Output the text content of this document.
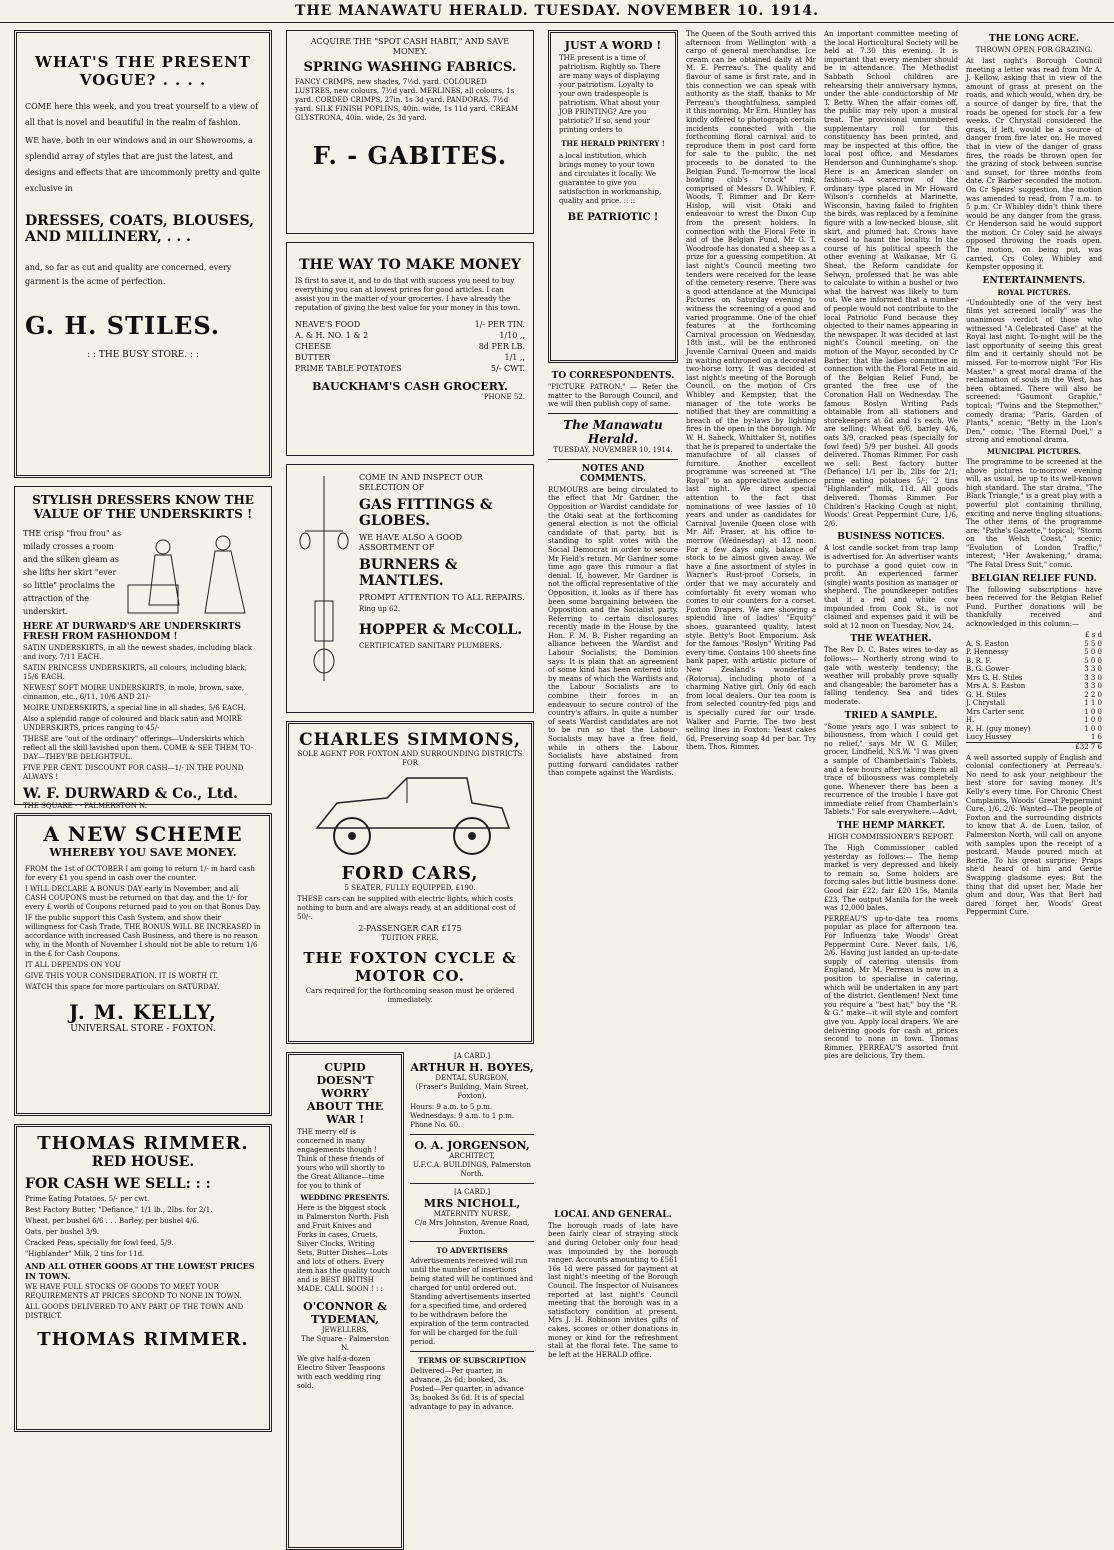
THE MANAWATU HERALD. TUESDAY. NOVEMBER 10. 1914.
WHAT'S THE PRESENT VOGUE? . . . .

COME here this week, and you treat yourself to a view of all that is novel and beautiful in the realm of fashion.

WE have, both in our windows and in our Showrooms, a splendid array of styles that are just the latest, and designs and effects that are uncommonly pretty and quite exclusive in

DRESSES, COATS, BLOUSES, AND MILLINERY, . . .

and, so far as cut and quality are concerned, every garment is the acme of perfection.

G. H. STILES.
: : THE BUSY STORE. : :
STYLISH DRESSERS KNOW THE VALUE OF THE UNDERSKIRTS !

THE crisp "frou frou" as milady crosses a room and the silken gleam as she lifts her skirt "ever so little" proclaims the attraction of the underskirt.

HERE AT DURWARD'S ARE UNDERSKIRTS FRESH FROM FASHIONDOM !

SATIN UNDERSKIRTS, in all the newest shades, including black and ivory, 7/11 EACH.

SATIN PRINCESS UNDERSKIRTS, all colours, including black, 15/6 EACH.

NEWEST SOFT MOIRE UNDERSKIRTS, in mole, brown, saxe, cinnamon, etc., 6/11, 10/6 AND 21/-

MOIRE UNDERSKIRTS, a special line in all shades, 5/6 EACH.

Also a splendid range of coloured and black satin and MOIRE UNDERSKIRTS, prices ranging to 45/-

THESE are "out of the ordinary" offerings—Underskirts which reflect all the skill lavished upon them. COME & SEE THEM TO-DAY—THEY'RE DELIGHTFUL.

FIVE PER CENT. DISCOUNT FOR CASH—1/- IN THE POUND ALWAYS !

W. F. DURWARD & Co., Ltd.
THE SQUARE - - PALMERSTON N.
A NEW SCHEME
WHEREBY YOU SAVE MONEY.

FROM the 1st of OCTOBER I am going to return 1/- in hard cash for every £1 you spend in cash over the counter.

I WILL DECLARE A BONUS DAY early in November, and all CASH COUPONS must be returned on that day, and the 1/- for every £ worth of Coupons returned paid to you on that Bonus Day.

IF the public support this Cash System, and show their willingness for Cash Trade, THE BONUS WILL BE INCREASED in accordance with increased Cash Business, and there is no reason why, in the Month of November I should not be able to return 1/6 in the £ for Cash Coupons.

IT ALL DEPENDS ON YOU

GIVE THIS YOUR CONSIDERATION. IT IS WORTH IT.

WATCH this space for more particulars on SATURDAY.

J. M. KELLY,
UNIVERSAL STORE - FOXTON.
THOMAS RIMMER.
RED HOUSE.
FOR CASH WE SELL: : :

Prime Eating Potatoes, 5/- per cwt.

Best Factory Butter, "Defiance," 1/1 lb., 2lbs. for 2/1.

Wheat, per bushel 6/6 . . . Barley, per bushel 4/6.

Oats, per bushel 3/9.

Cracked Peas, specially for fowl feed, 5/9.

"Highlander" Milk, 2 tins for 11d.

AND ALL OTHER GOODS AT THE LOWEST PRICES IN TOWN.

WE HAVE FULL STOCKS OF GOODS TO MEET YOUR REQUIREMENTS AT PRICES SECOND TO NONE IN TOWN.

ALL GOODS DELIVERED TO ANY PART OF THE TOWN AND DISTRICT.

THOMAS RIMMER.
ACQUIRE THE "SPOT CASH HABIT," AND SAVE MONEY.
SPRING WASHING FABRICS.

FANCY CRIMPS, new shades, 7½d. yard. COLOURED LUSTRES, new colours, 7½d yard. MERLINES, all colours, 1s yard. CORDED CRIMPS, 27in. 1s 3d yard. PANDORAS, 7½d yard. SILK FINISH POPLINS, 40in. wide, 1s 11d yard. CREAM GLYSTRONA, 40in. wide, 2s 3d yard.

F. - GABITES.
THE WAY TO MAKE MONEY

IS first to save it, and to do that with success you need to buy everything you can at lowest prices for good articles. I can assist you in the matter of your groceries. I have already the reputation of giving the best value for your money in this town.

NEAVE'S FOOD	1/- PER TIN.
A. & H. NO. 1 & 2	1/10 ,,
CHEESE	8d PER LB.
BUTTER	1/1 ,,
PRIME TABLE POTATOES	5/- CWT.
BAUCKHAM'S CASH GROCERY.
'PHONE 52.

COME IN AND INSPECT OUR SELECTION OF

GAS FITTINGS & GLOBES.

WE HAVE ALSO A GOOD ASSORTMENT OF

BURNERS & MANTLES.

PROMPT ATTENTION TO ALL REPAIRS.

Ring up 62.

HOPPER & McCOLL.

CERTIFICATED SANITARY PLUMBERS.

CHARLES SIMMONS,
SOLE AGENT FOR FOXTON AND SURROUNDING DISTRICTS FOR
FORD CARS,
5 SEATER, FULLY EQUIPPED, £190.

THESE cars can be supplied with electric lights, which costs nothing to burn and are always ready, at an additional cost of 50/-.

2-PASSENGER CAR £175
TUITION FREE.
THE FOXTON CYCLE & MOTOR CO.

Cars required for the forthcoming season must be ordered immediately.

CUPID DOESN'T WORRY ABOUT THE WAR !

THE merry elf is concerned in many engagements though ! Think of these friends of yours who will shortly to the Great Alliance—time for you to think of

WEDDING PRESENTS.

Here is the biggest stock in Palmerston North. Fish and Fruit Knives and Forks in cases, Cruets, Silver Clocks, Writing Sets, Butter Dishes—Lots and lots of others. Every item has the quality touch and is BEST BRITISH MADE. CALL SOON ! : :

O'CONNOR & TYDEMAN,
JEWELLERS,
The Square - Palmerston N.

We give half-a-dozen Electro Silver Teaspoons with each wedding ring sold.

[A CARD.]
ARTHUR H. BOYES,
DENTAL SURGEON,
(Fraser's Building, Main Street, Foxton).

Hours: 9 a.m. to 5 p.m. Wednesdays: 9 a.m. to 1 p.m. Phone No. 60.

O. A. JORGENSON,
ARCHITECT,
U.F.C.A. BUILDINGS, Palmerston North.
[A CARD.]
MRS NICHOLL,
MATERNITY NURSE,
C/o Mrs Johnston, Avenue Road, Foxton.
TO ADVERTISERS

Advertisements received will run until the number of insertions being stated will be continued and charged for until ordered out. Standing advertisements inserted for a specified time, and ordered to be withdrawn before the expiration of the term contracted for will be charged for the full period.

TERMS OF SUBSCRIPTION

Delivered—Per quarter, in advance, 2s 6d; booked, 3s. Posted—Per quarter, in advance 3s; booked 3s 6d. It is of special advantage to pay in advance.

JUST A WORD !

THE present is a time of patriotism. Rightly so. There are many ways of displaying your patriotism. Loyalty to your own tradespeople is patriotism. What about your JOB PRINTING? Are you patriotic? If so, send your printing orders to

THE HERALD PRINTERY !

a local institution, which brings money to your town and circulates it locally. We guarantee to give you satisfaction in workmanship, quality and price. :: ::

BE PATRIOTIC !
TO CORRESPONDENTS.

"PICTURE PATRON." — Refer the matter to the Borough Council, and we will then publish copy of same.

The Manawatu Herald.
TUESDAY, NOVEMBER 10, 1914.
NOTES AND COMMENTS.

RUMOURS are being circulated to the effect that Mr Gardner, the Opposition or Wardist candidate for the Otaki seat at the forthcoming general election is not the official candidate of that party, but is standing to split votes with the Social Democrat in order to secure Mr Field's return. Mr Gardner some time ago gave this rumour a flat denial. If, however, Mr Gardner is not the official representative of the Opposition, it looks as if there has been some bargaining between the Opposition and the Socialist party. Referring to certain disclosures recently made in the House by the Hon. F. M. B. Fisher regarding an alliance between the Wardist and Labour Socialists, the Dominion says: It is plain that an agreement of some kind has been entered into by means of which the Wardists and the Labour Socialists are to combine their forces in an endeavour to secure control of the country's affairs. In quite a number of seats Wardist candidates are not to be run so that the Labour-Socialists may have a free field, while in others the Labour Socialists have abstained from putting forward candidates rather than compete against the Wardists.

LOCAL AND GENERAL.

The borough roads of late have been fairly clear of straying stock and during October only four head was impounded by the borough ranger. Accounts amounting to £561 16s 1d were passed for payment at last night's meeting of the Borough Council. The Inspector of Nuisances reported at last night's Council meeting that the borough was in a satisfactory condition at present. Mrs J. H. Robinson invites gifts of cakes, scones or other donations in money or kind for the refreshment stall at the floral fete. The same to be left at the HERALD office.

The Queen of the South arrived this afternoon from Wellington with a cargo of general merchandise. Ice cream can be obtained daily at Mr M. E. Perreau's. The quality and flavour of same is first rate, and in this connection we can speak with authority as the staff, thanks to Mr Perreau's thoughtfulness, sampled it this morning. Mr Ern. Huntley has kindly offered to photograph certain incidents connected with the forthcoming floral carnival and to reproduce them in post card form for sale to the public, the net proceeds to be donated to the Belgian Fund. To-morrow the local bowling club's "crack" rink, comprised of Messrs D. Whibley, F. Woods, T. Rimmer and Dr Kerr-Hislop, will visit Otaki and endeavour to wrest the Dixon Cup from the present holders. In connection with the Floral Fete in aid of the Belgian Fund, Mr G. T. Woodroofe has donated a sheep as a prize for a guessing competition. At last night's Council meeting two tenders were received for the lease of the cemetery reserve. There was a good attendance at the Municipal Pictures on Saturday evening to witness the screening of a good and varied programme. One of the chief features at the forthcoming Carnival procession on Wednesday, 18th inst., will be the enthroned Juvenile Carnival Queen and maids in waiting enthroned on a decorated two-horse lorry. It was decided at last night's meeting of the Borough Council, on the motion of Crs Whibley and Kempster, that the manager of the tote works be notified that they are committing a breach of the by-laws by lighting fires in the open in the borough. Mr W. H. Sabeck, Whittaker St, notifies that he is prepared to undertake the manufacture of all classes of furniture. Another excellent programme was screened at "The Royal" to an appreciative audience last night. We direct special attention to the fact that nominations of wee lassies of 10 years and under as candidates for Carnival Juvenile Queen close with Mr Alf. Fraser, at his office to-morrow (Wednesday) at 12 noon. For a few days only, balance of stock to be almost given away. We have a fine assortment of styles in Warner's Rust-proof Corsets, in order that we may accurately and comfortably fit every woman who comes to our counters for a corset. Foxton Drapers. We are showing a splendid line of ladies' "Equity" shoes, guaranteed quality, latest style. Betty's Boot Emporium. Ask for the famous "Roslyn" Writing Pad every time. Contains 100 sheets fine bank paper, with artistic picture of New Zealand's wonderland (Rotorua), including photo of a charming Native girl. Only 6d each from local dealers. Our tea room is from selected country-fed pigs and is specially cured for our trade. Walker and Furrie. The two best selling lines in Foxton: Yeast cakes 6d, Preserving soap 4d per bar. Try them. Thos. Rimmer.

An important committee meeting of the local Horticultural Society will be held at 7.30 this evening. It is important that every member should be in attendance. The Methodist Sabbath School children are rehearsing their anniversary hymns, under the able conductorship of Mr T. Betty. When the affair comes off, the public may rely upon a musical treat. The provisional unnumbered supplementary roll for this constituency has been printed, and may be inspected at this office, the local post office, and Mesdames Henderson and Cunninghame's shop. Here is an American slander on fashion:—A scarecrow of the ordinary type placed in Mr Howard Wilson's cornfields at Marinette, Wisconsin, having failed to frighten the birds, was replaced by a feminine figure with a low-necked blouse, slit skirt, and plumed hat. Crows have ceased to haunt the locality. In the course of his political speech the other evening at Waikanae, Mr G. Sheat, the Reform candidate for Selwyn, professed that he was able to calculate to within a bushel or two what the harvest was likely to turn out. We are informed that a number of people would not contribute to the local Patriotic Fund because they objected to their names appearing in the newspaper. It was decided at last night's Council meeting, on the motion of the Mayor, seconded by Cr Barber, that the ladies committee in connection with the Floral Fete in aid of the Belgian Relief Fund, be granted the free use of the Coronation Hall on Wednesday. The famous Roslyn Writing Pads obtainable from all stationers and storekeepers at 6d and 1s each. We are selling: Wheat 6/6, barley 4/6, oats 3/9, cracked peas (specially for fowl feed) 5/9 per bushel. All goods delivered. Thomas Rimmer. For cash we sell: Best factory butter (Defiance) 1/1 per lb, 2lbs for 2/1; prime eating potatoes 5/-; 2 tins "Highlander" milk, 11d. All goods delivered. Thomas Rimmer. For Children's Hacking Cough at night, Woods' Great Peppermint Cure, 1/6, 2/6.

BUSINESS NOTICES.

A lost candle socket from trap lamp is advertised for. An advertiser wants to purchase a good quiet cow in profit. An experienced farmer (single) wants position as manager or shepherd. The poundkeeper notifies that if a red and white cow impounded from Cook St., is not claimed and expenses paid it will be sold at 12 noon on Tuesday, Nov. 24.

THE WEATHER.

The Rev D. C. Bates wires to-day as follows:— Northerly strong wind to gale with westerly tendency; the weather will probably prove squally and changeable; the barometer has a falling tendency. Sea and tides moderate.

TRIED A SAMPLE.

"Some years ago I was subject to biliousness, from which I could get no relief," says Mr W. G. Miller, grocer, Lindfield, N.S.W. "I was given a sample of Chamberlain's Tablets, and a few hours after taking them all trace of biliousness was completely gone. Whenever there has been a recurrence of the trouble I have got immediate relief from Chamberlain's Tablets." For sale everywhere.—Advt.

THE HEMP MARKET.
HIGH COMMISSIONER'S REPORT.

The High Commissioner cabled yesterday as follows:— The hemp market is very depressed and likely to remain so. Some holders are forcing sales but little business done. Good fair £22, fair £20 15s, Manila £23. The output Manila for the week was 12,000 bales.

PERREAU'S up-to-date tea rooms popular as place for afternoon tea. For Influenza take Woods' Great Peppermint Cure. Never fails, 1/6, 2/6. Having just landed an up-to-date supply of catering utensils from England, Mr M. Perreau is now in a position to specialise in catering, which will be undertaken in any part of the district. Gentlemen! Next time you require a "best hat," buy the "R. & G." make—it will style and comfort give you. Apply local drapers. We are delivering goods for cash at prices second to none in town. Thomas Rimmer. PERREAU'S assorted fruit pies are delicious. Try them.

THE LONG ACRE.
THROWN OPEN FOR GRAZING.

At last night's Borough Council meeting a letter was read from Mr A. J. Kellow, asking that in view of the amount of grass at present on the roads, and which would, when dry, be a source of danger by fire, that the roads be opened for stock for a few weeks. Cr Chrystall considered the grass, if left, would be a source of danger from fire later on. He moved that in view of the danger of grass fires, the roads be thrown open for the grazing of stock between sunrise and sunset, for three months from date. Cr Barber seconded the motion. On Cr Speirs' suggestion, the motion was amended to read, from 7 a.m. to 5 p.m. Cr Whibley didn't think there would be any danger from the grass. Cr Henderson said he would support the motion. Cr Coley said he always opposed throwing the roads open. The motion, on being put, was carried, Crs Coley, Whibley and Kempster opposing it.

ENTERTAINMENTS.
ROYAL PICTURES.

"Undoubtedly one of the very best films yet screened locally" was the unanimous verdict of those who witnessed "A Celebrated Case" at the Royal last night. To-night will be the last opportunity of seeing this great film and it certainly should not be missed. For to-morrow night "For His Master," a great moral drama of the reclamation of souls in the West, has been obtained. There will also be screened: "Gaumont Graphic," topical; "Twins and the Stepmother," comedy drama; "Paris, Garden of Plants," scenic; "Betty in the Lion's Den," comic; "The Eternal Duel," a strong and emotional drama.

MUNICIPAL PICTURES.

The programme to be screened at the above pictures to-morrow evening will, as usual, be up to its well-known high standard. The star drama, "The Black Triangle," is a great play with a powerful plot containing thrilling, exciting and nerve tingling situations. The other items of the programme are: "Pathe's Gazette," topical; "Storm on the Welsh Coast," scenic; "Evolution of London Traffic," interest; "Her Awakening," drama; "The Fatal Dress Suit," comic.

BELGIAN RELIEF FUND.

The following subscriptions have been received for the Belgian Relief Fund. Further donations will be thankfully received and acknowledged in this column:—

£ s d
A. S. Easton	5 5 0
P. Hennessy	5 0 0
B. R. F.	5 0 0
B. G. Gower	3 3 0
Mrs G. H. Stiles	3 3 0
Mrs A. S. Easton	3 3 0
G. H. Stiles	2 2 0
J. Chrystall	1 1 0
Mrs Carter senr.	1 0 0
H.	1 0 0
R. H. (guy money)	1 0 0
Lucy Hussey	1 6
£32 7 6

A well assorted supply of English and colonial confectionery at Perreau's. No need to ask your neighbour the best store for saving money. It's Kelly's every time. For Chronic Chest Complaints, Woods' Great Peppermint Cure, 1/6, 2/6. Wanted—The people of Foxton and the surrounding districts to know that A. de Luen, tailor, of Palmerston North, will call on anyone with samples upon the receipt of a postcard. Maude poured much at Bertie, To his great surprise; Praps she'd heard of him and Gertie Swapping gladsome eyes; But the thing that did upset her, Made her glum and dour, Was that Bert had dared forget her, Woods' Great Peppermint Cure.
